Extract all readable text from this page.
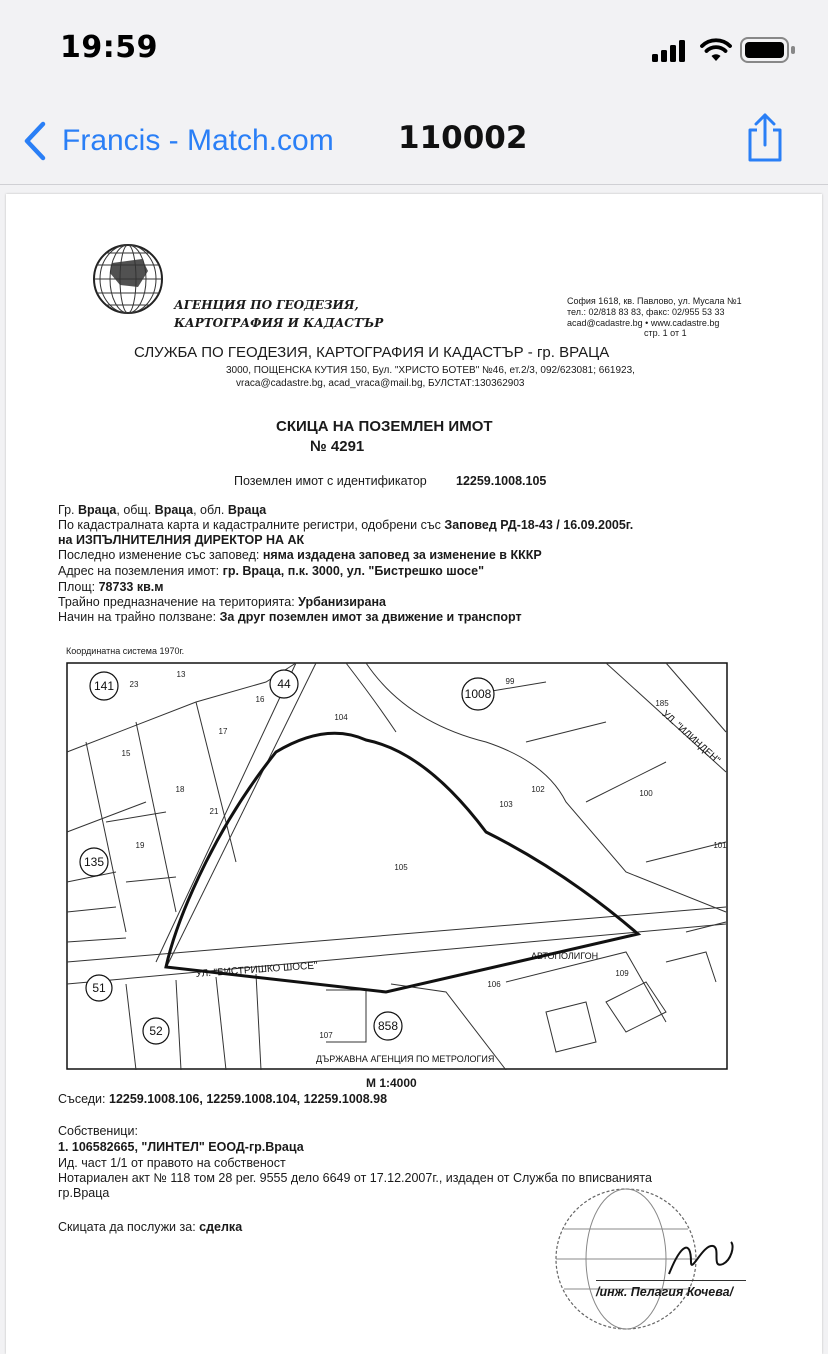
19:59
Francis - Match.com 110002
АГЕНЦИЯ ПО ГЕОДЕЗИЯ,
КАРТОГРАФИЯ И КАДАСТЪР
София 1618, кв. Павлово, ул. Мусала №1
тел.: 02/818 83 83, факс: 02/955 53 33
acad@cadastre.bg • www.cadastre.bg
стр. 1 от 1
СЛУЖБА ПО ГЕОДЕЗИЯ, КАРТОГРАФИЯ И КАДАСТЪР - гр. ВРАЦА
3000, ПОЩЕНСКА КУТИЯ 150, Бул. "ХРИСТО БОТЕВ" №46, ет.2/3, 092/623081; 661923,
vraca@cadastre.bg, acad_vraca@mail.bg, БУЛСТАТ:130362903
СКИЦА НА ПОЗЕМЛЕН ИМОТ
№ 4291
Поземлен имот с идентификатор 12259.1008.105
Гр. Враца, общ. Враца, обл. Враца
По кадастралната карта и кадастралните регистри, одобрени със Заповед РД-18-43 / 16.09.2005г.
на ИЗПЪЛНИТЕЛНИЯ ДИРЕКТОР НА АК
Последно изменение със заповед: няма издадена заповед за изменение в КККР
Адрес на поземления имот: гр. Враца, п.к. 3000, ул. "Бистрешко шосе"
Площ: 78733 кв.м
Трайно предназначение на територията: Урбанизирана
Начин на трайно ползване: За друг поземлен имот за движение и транспорт
Координатна система 1970г.
141	44
1008
135
51
52	858
105
104
103
102	100
101
106
109
13
16
17
15
18
19
21
23	99
185
107
УЛ. "БИСТРИШКО ШОСЕ"
УЛ. "ИЛИНДЕН"
АВТОПОЛИГОН
ДЪРЖАВНА АГЕНЦИЯ ПО МЕТРОЛОГИЯ
М 1:4000
Съседи: 12259.1008.106, 12259.1008.104, 12259.1008.98
Собственици:
1. 106582665, "ЛИНТЕЛ" ЕООД-гр.Враца
Ид. част 1/1 от правото на собственост
Нотариален акт № 118 том 28 рег. 9555 дело 6649 от 17.12.2007г., издаден от Служба по вписванията
гр.Враца
Скицата да послужи за: сделка
/инж. Пелагия Кочева/
